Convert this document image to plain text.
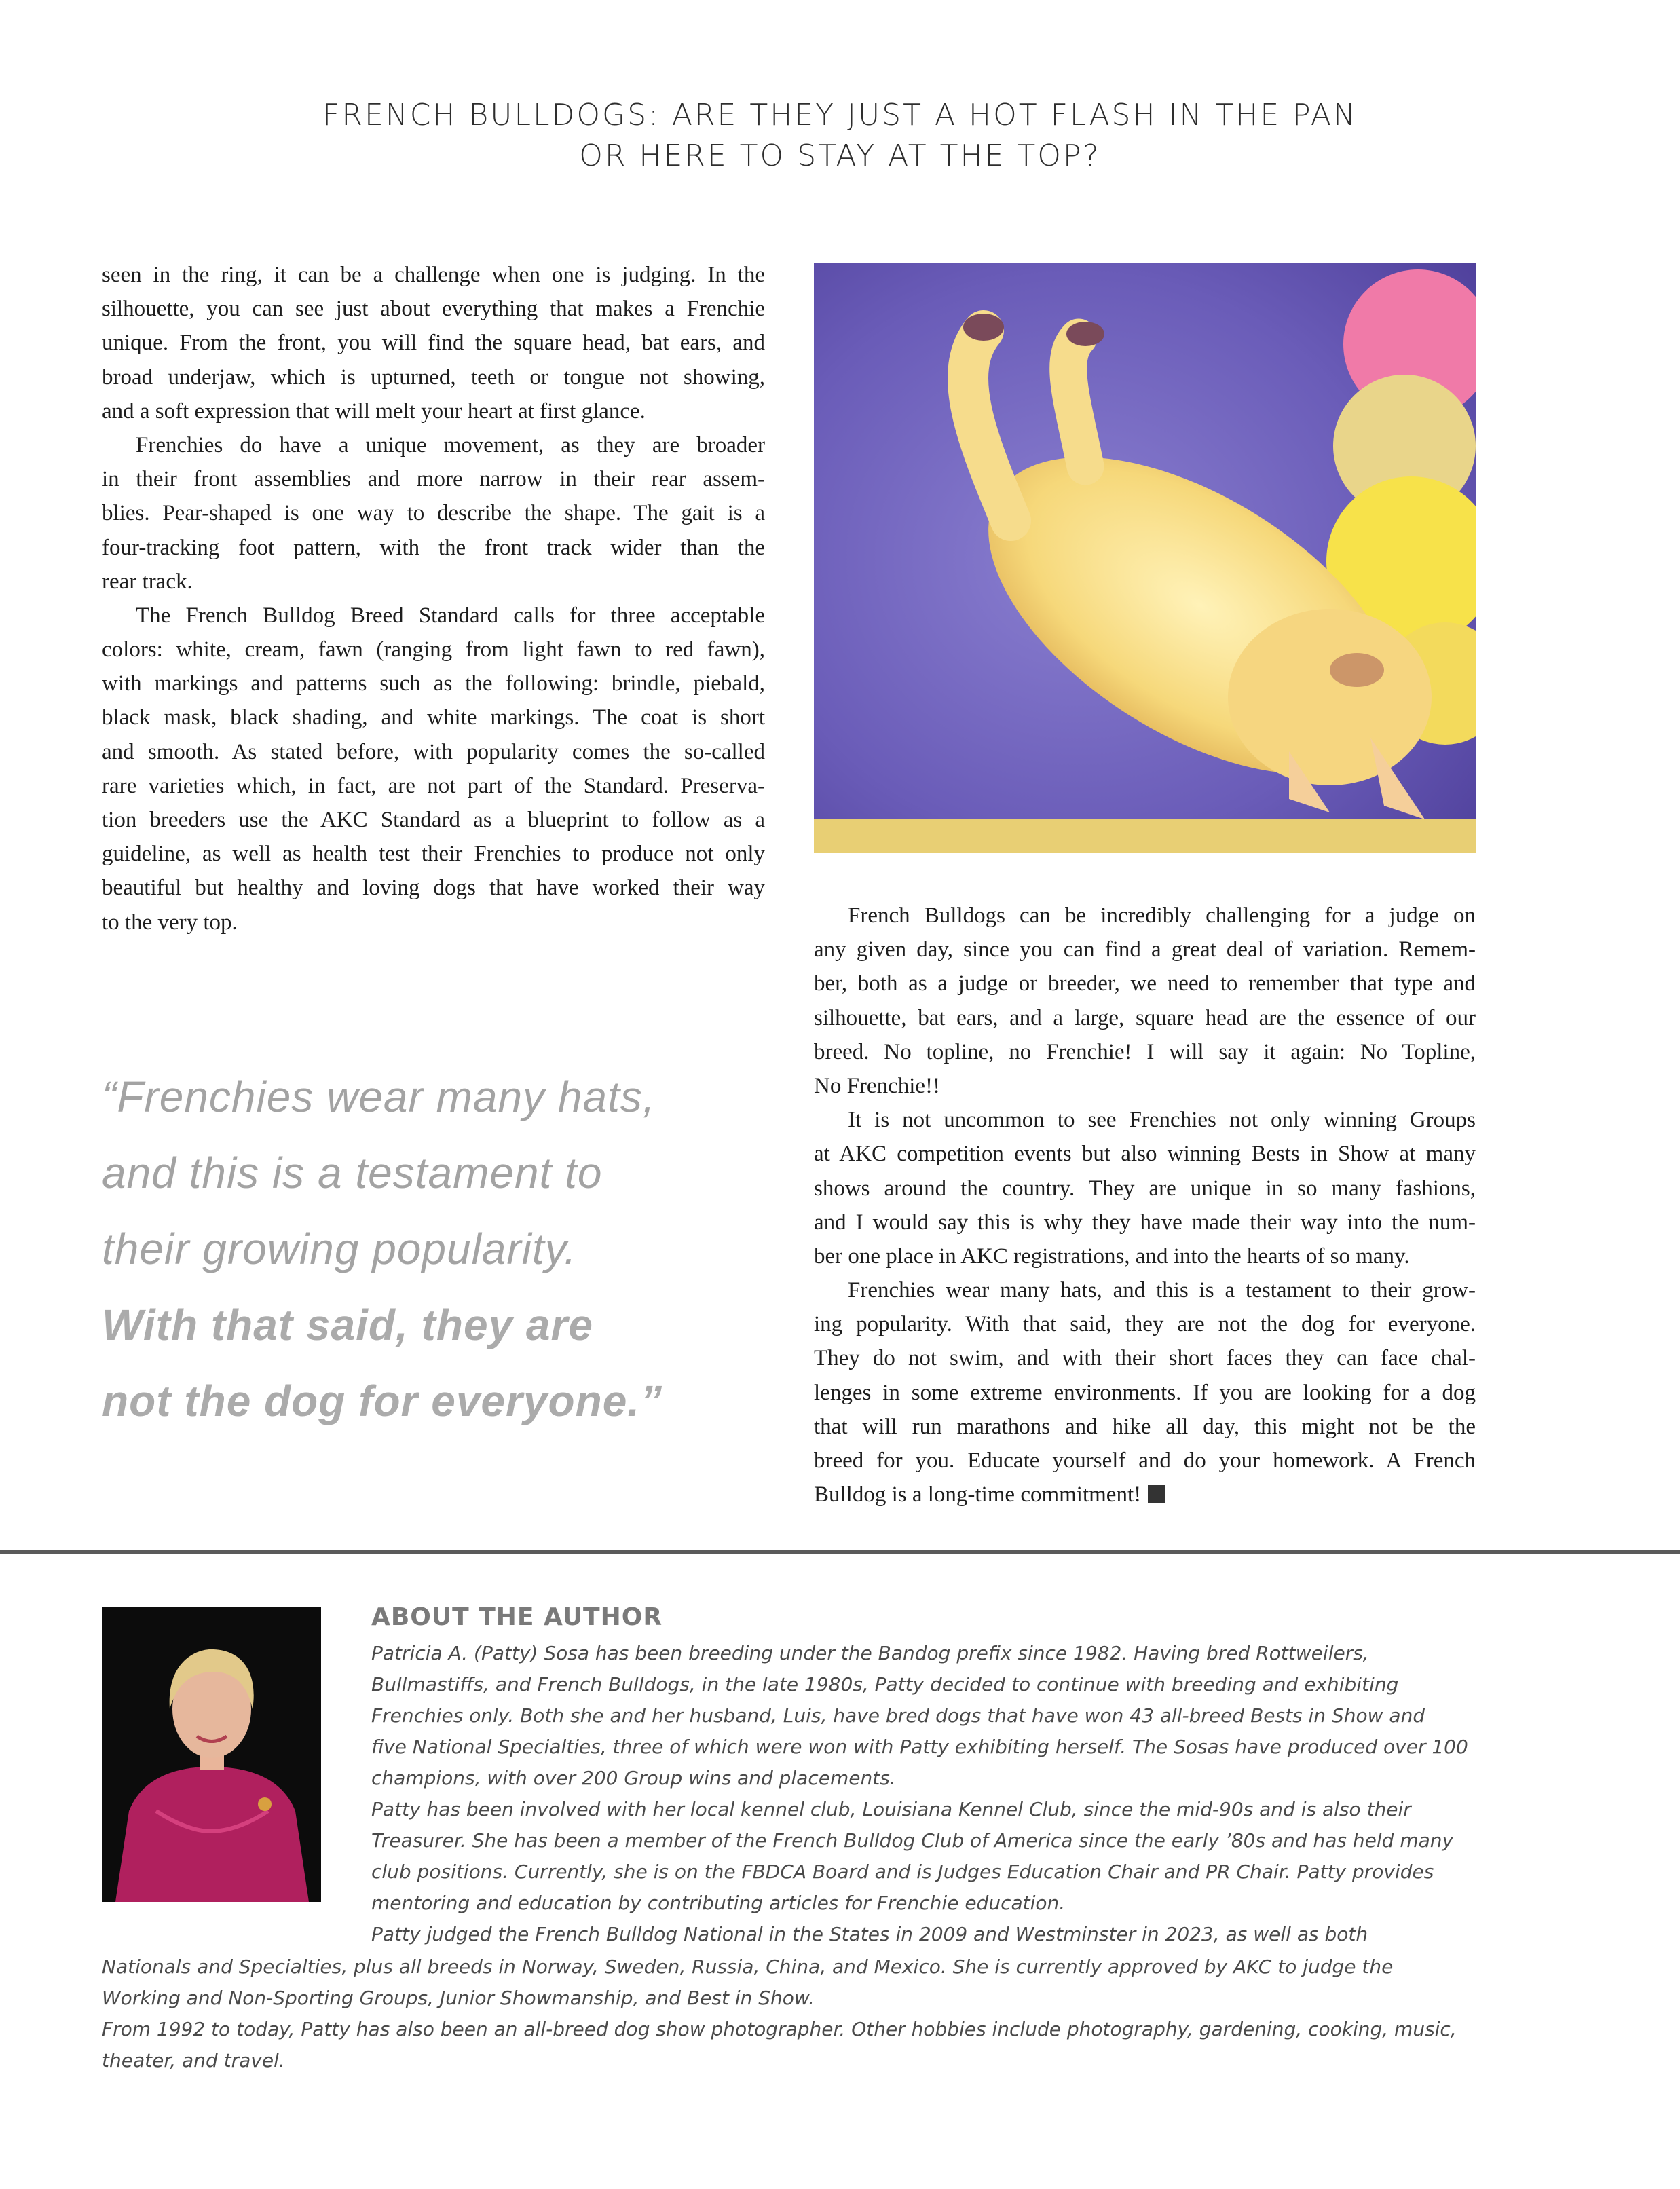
FRENCH BULLDOGS: ARE THEY JUST A HOT FLASH IN THE PAN
OR HERE TO STAY AT THE TOP?
seen in the ring, it can be a challenge when one is judging. In the
silhouette, you can see just about everything that makes a Frenchie
unique. From the front, you will find the square head, bat ears, and
broad underjaw, which is upturned, teeth or tongue not showing,
and a soft expression that will melt your heart at first glance.
Frenchies do have a unique movement, as they are broader
in their front assemblies and more narrow in their rear assem-
blies. Pear-shaped is one way to describe the shape. The gait is a
four-tracking foot pattern, with the front track wider than the
rear track.
The French Bulldog Breed Standard calls for three acceptable
colors: white, cream, fawn (ranging from light fawn to red fawn),
with markings and patterns such as the following: brindle, piebald,
black mask, black shading, and white markings. The coat is short
and smooth. As stated before, with popularity comes the so-called
rare varieties which, in fact, are not part of the Standard. Preserva-
tion breeders use the AKC Standard as a blueprint to follow as a
guideline, as well as health test their Frenchies to produce not only
beautiful but healthy and loving dogs that have worked their way
to the very top.
“Frenchies wear many hats,
and this is a testament to
their growing popularity.
With that said, they are
not the dog for everyone.”
French Bulldogs can be incredibly challenging for a judge on
any given day, since you can find a great deal of variation. Remem-
ber, both as a judge or breeder, we need to remember that type and
silhouette, bat ears, and a large, square head are the essence of our
breed. No topline, no Frenchie! I will say it again: No Topline,
No Frenchie!!
It is not uncommon to see Frenchies not only winning Groups
at AKC competition events but also winning Bests in Show at many
shows around the country. They are unique in so many fashions,
and I would say this is why they have made their way into the num-
ber one place in AKC registrations, and into the hearts of so many.
Frenchies wear many hats, and this is a testament to their grow-
ing popularity. With that said, they are not the dog for everyone.
They do not swim, and with their short faces they can face chal-
lenges in some extreme environments. If you are looking for a dog
that will run marathons and hike all day, this might not be the
breed for you. Educate yourself and do your homework. A French
Bulldog is a long-time commitment!
ABOUT THE AUTHOR
Patricia A. (Patty) Sosa has been breeding under the Bandog prefix since 1982. Having bred Rottweilers,
Bullmastiffs, and French Bulldogs, in the late 1980s, Patty decided to continue with breeding and exhibiting
Frenchies only. Both she and her husband, Luis, have bred dogs that have won 43 all-breed Bests in Show and
five National Specialties, three of which were won with Patty exhibiting herself. The Sosas have produced over 100
champions, with over 200 Group wins and placements.
Patty has been involved with her local kennel club, Louisiana Kennel Club, since the mid-90s and is also their
Treasurer. She has been a member of the French Bulldog Club of America since the early ’80s and has held many
club positions. Currently, she is on the FBDCA Board and is Judges Education Chair and PR Chair. Patty provides
mentoring and education by contributing articles for Frenchie education.
Patty judged the French Bulldog National in the States in 2009 and Westminster in 2023, as well as both
Nationals and Specialties, plus all breeds in Norway, Sweden, Russia, China, and Mexico. She is currently approved by AKC to judge the
Working and Non-Sporting Groups, Junior Showmanship, and Best in Show.
From 1992 to today, Patty has also been an all-breed dog show photographer. Other hobbies include photography, gardening, cooking, music,
theater, and travel.
